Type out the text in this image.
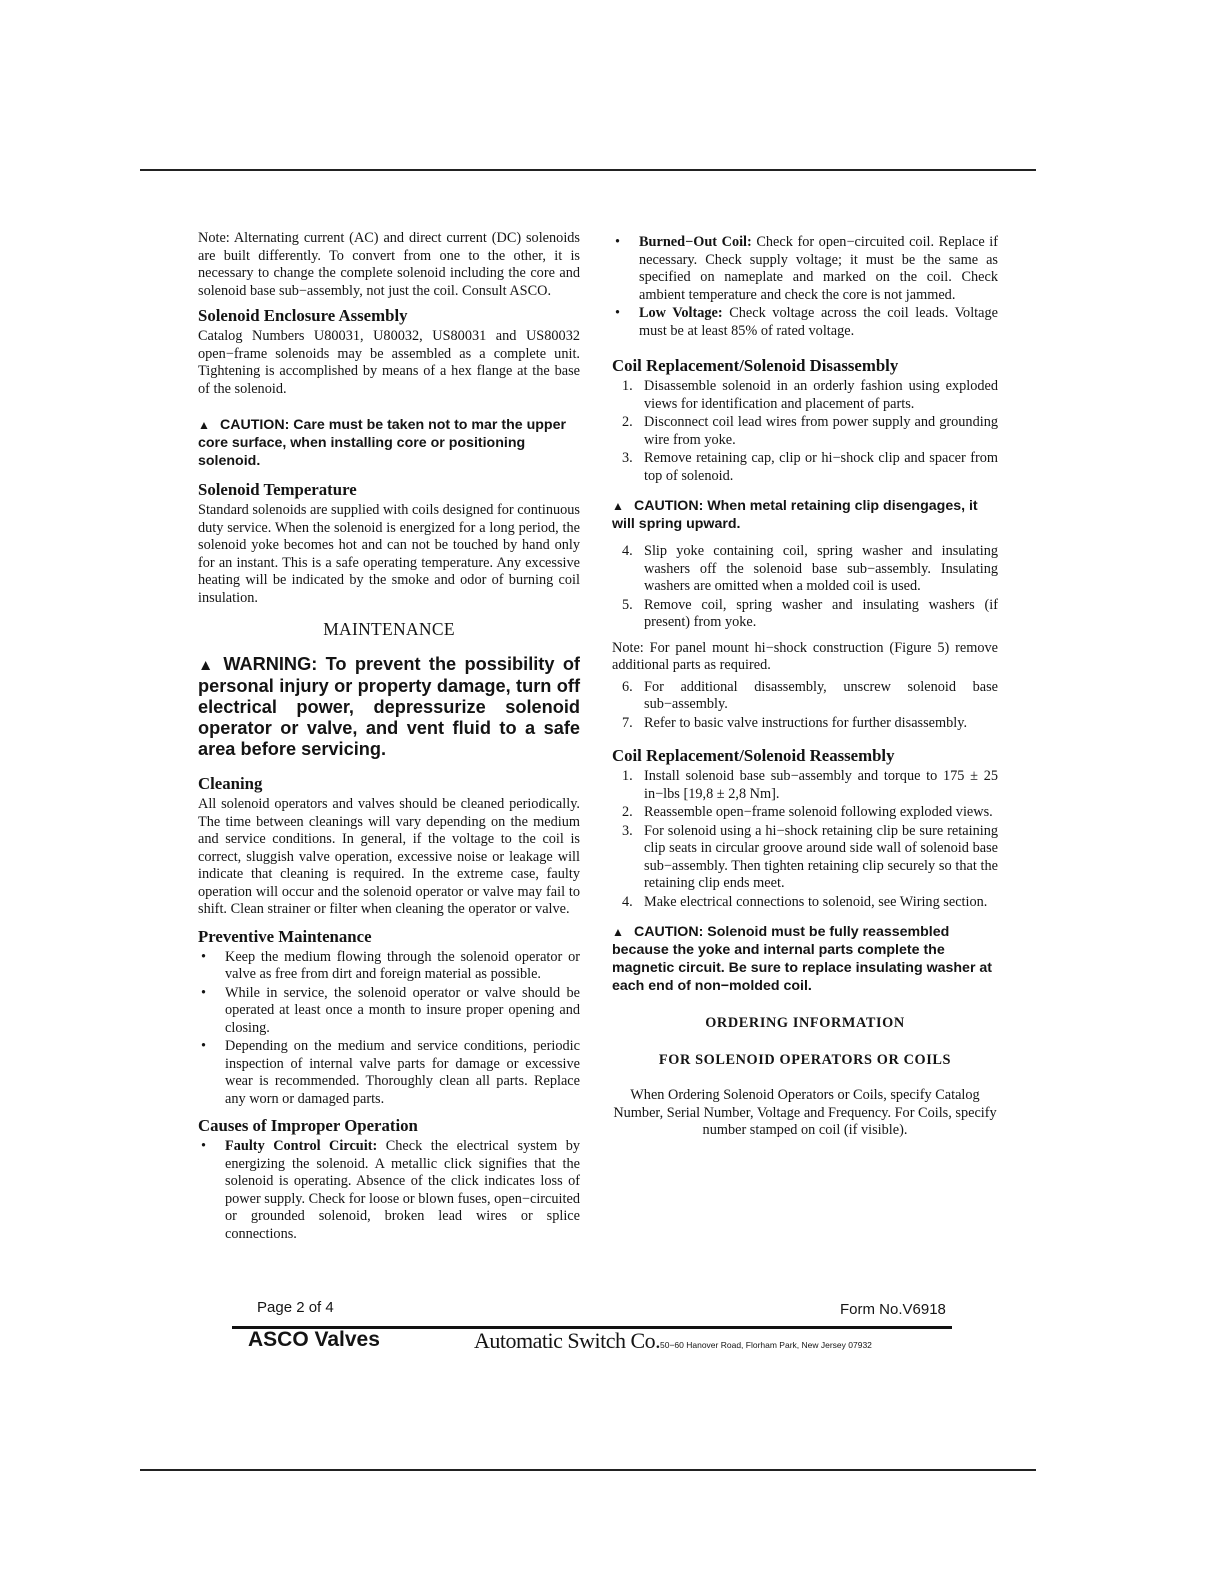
Note: Alternating current (AC) and direct current (DC) solenoids are built differently. To convert from one to the other, it is necessary to change the complete solenoid including the core and solenoid base sub−assembly, not just the coil. Consult ASCO.

Solenoid Enclosure Assembly

Catalog Numbers U80031, U80032, US80031 and US80032 open−frame solenoids may be assembled as a complete unit. Tightening is accomplished by means of a hex flange at the base of the solenoid.

▲ CAUTION: Care must be taken not to mar the upper core surface, when installing core or positioning solenoid.
Solenoid Temperature

Standard solenoids are supplied with coils designed for continuous duty service. When the solenoid is energized for a long period, the solenoid yoke becomes hot and can not be touched by hand only for an instant. This is a safe operating temperature. Any excessive heating will be indicated by the smoke and odor of burning coil insulation.

MAINTENANCE
▲ WARNING: To prevent the possibility of personal injury or property damage, turn off electrical power, depressurize solenoid operator or valve, and vent fluid to a safe area before servicing.
Cleaning

All solenoid operators and valves should be cleaned periodically. The time between cleanings will vary depending on the medium and service conditions. In general, if the voltage to the coil is correct, sluggish valve operation, excessive noise or leakage will indicate that cleaning is required. In the extreme case, faulty operation will occur and the solenoid operator or valve may fail to shift. Clean strainer or filter when cleaning the operator or valve.

Preventive Maintenance
• Keep the medium flowing through the solenoid operator or valve as free from dirt and foreign material as possible.
• While in service, the solenoid operator or valve should be operated at least once a month to insure proper opening and closing.
• Depending on the medium and service conditions, periodic inspection of internal valve parts for damage or excessive wear is recommended. Thoroughly clean all parts. Replace any worn or damaged parts.
Causes of Improper Operation
• Faulty Control Circuit: Check the electrical system by energizing the solenoid. A metallic click signifies that the solenoid is operating. Absence of the click indicates loss of power supply. Check for loose or blown fuses, open−circuited or grounded solenoid, broken lead wires or splice connections.
• Burned−Out Coil: Check for open−circuited coil. Replace if necessary. Check supply voltage; it must be the same as specified on nameplate and marked on the coil. Check ambient temperature and check the core is not jammed.
• Low Voltage: Check voltage across the coil leads. Voltage must be at least 85% of rated voltage.
Coil Replacement/Solenoid Disassembly
1. Disassemble solenoid in an orderly fashion using exploded views for identification and placement of parts.
2. Disconnect coil lead wires from power supply and grounding wire from yoke.
3. Remove retaining cap, clip or hi−shock clip and spacer from top of solenoid.
▲ CAUTION: When metal retaining clip disengages, it will spring upward.
4. Slip yoke containing coil, spring washer and insulating washers off the solenoid base sub−assembly. Insulating washers are omitted when a molded coil is used.
5. Remove coil, spring washer and insulating washers (if present) from yoke.

Note: For panel mount hi−shock construction (Figure 5) remove additional parts as required.

6. For additional disassembly, unscrew solenoid base sub−assembly.
7. Refer to basic valve instructions for further disassembly.
Coil Replacement/Solenoid Reassembly
1. Install solenoid base sub−assembly and torque to 175 ± 25 in−lbs [19,8 ± 2,8 Nm].
2. Reassemble open−frame solenoid following exploded views.
3. For solenoid using a hi−shock retaining clip be sure retaining clip seats in circular groove around side wall of solenoid base sub−assembly. Then tighten retaining clip securely so that the retaining clip ends meet.
4. Make electrical connections to solenoid, see Wiring section.
▲ CAUTION: Solenoid must be fully reassembled because the yoke and internal parts complete the magnetic circuit. Be sure to replace insulating washer at each end of non−molded coil.
ORDERING INFORMATION
FOR SOLENOID OPERATORS OR COILS

When Ordering Solenoid Operators or Coils, specify Catalog Number, Serial Number, Voltage and Frequency. For Coils, specify number stamped on coil (if visible).

Page 2 of 4	Form No.V6918
ASCO Valves	Automatic Switch Co. 50−60 Hanover Road, Florham Park, New Jersey 07932
